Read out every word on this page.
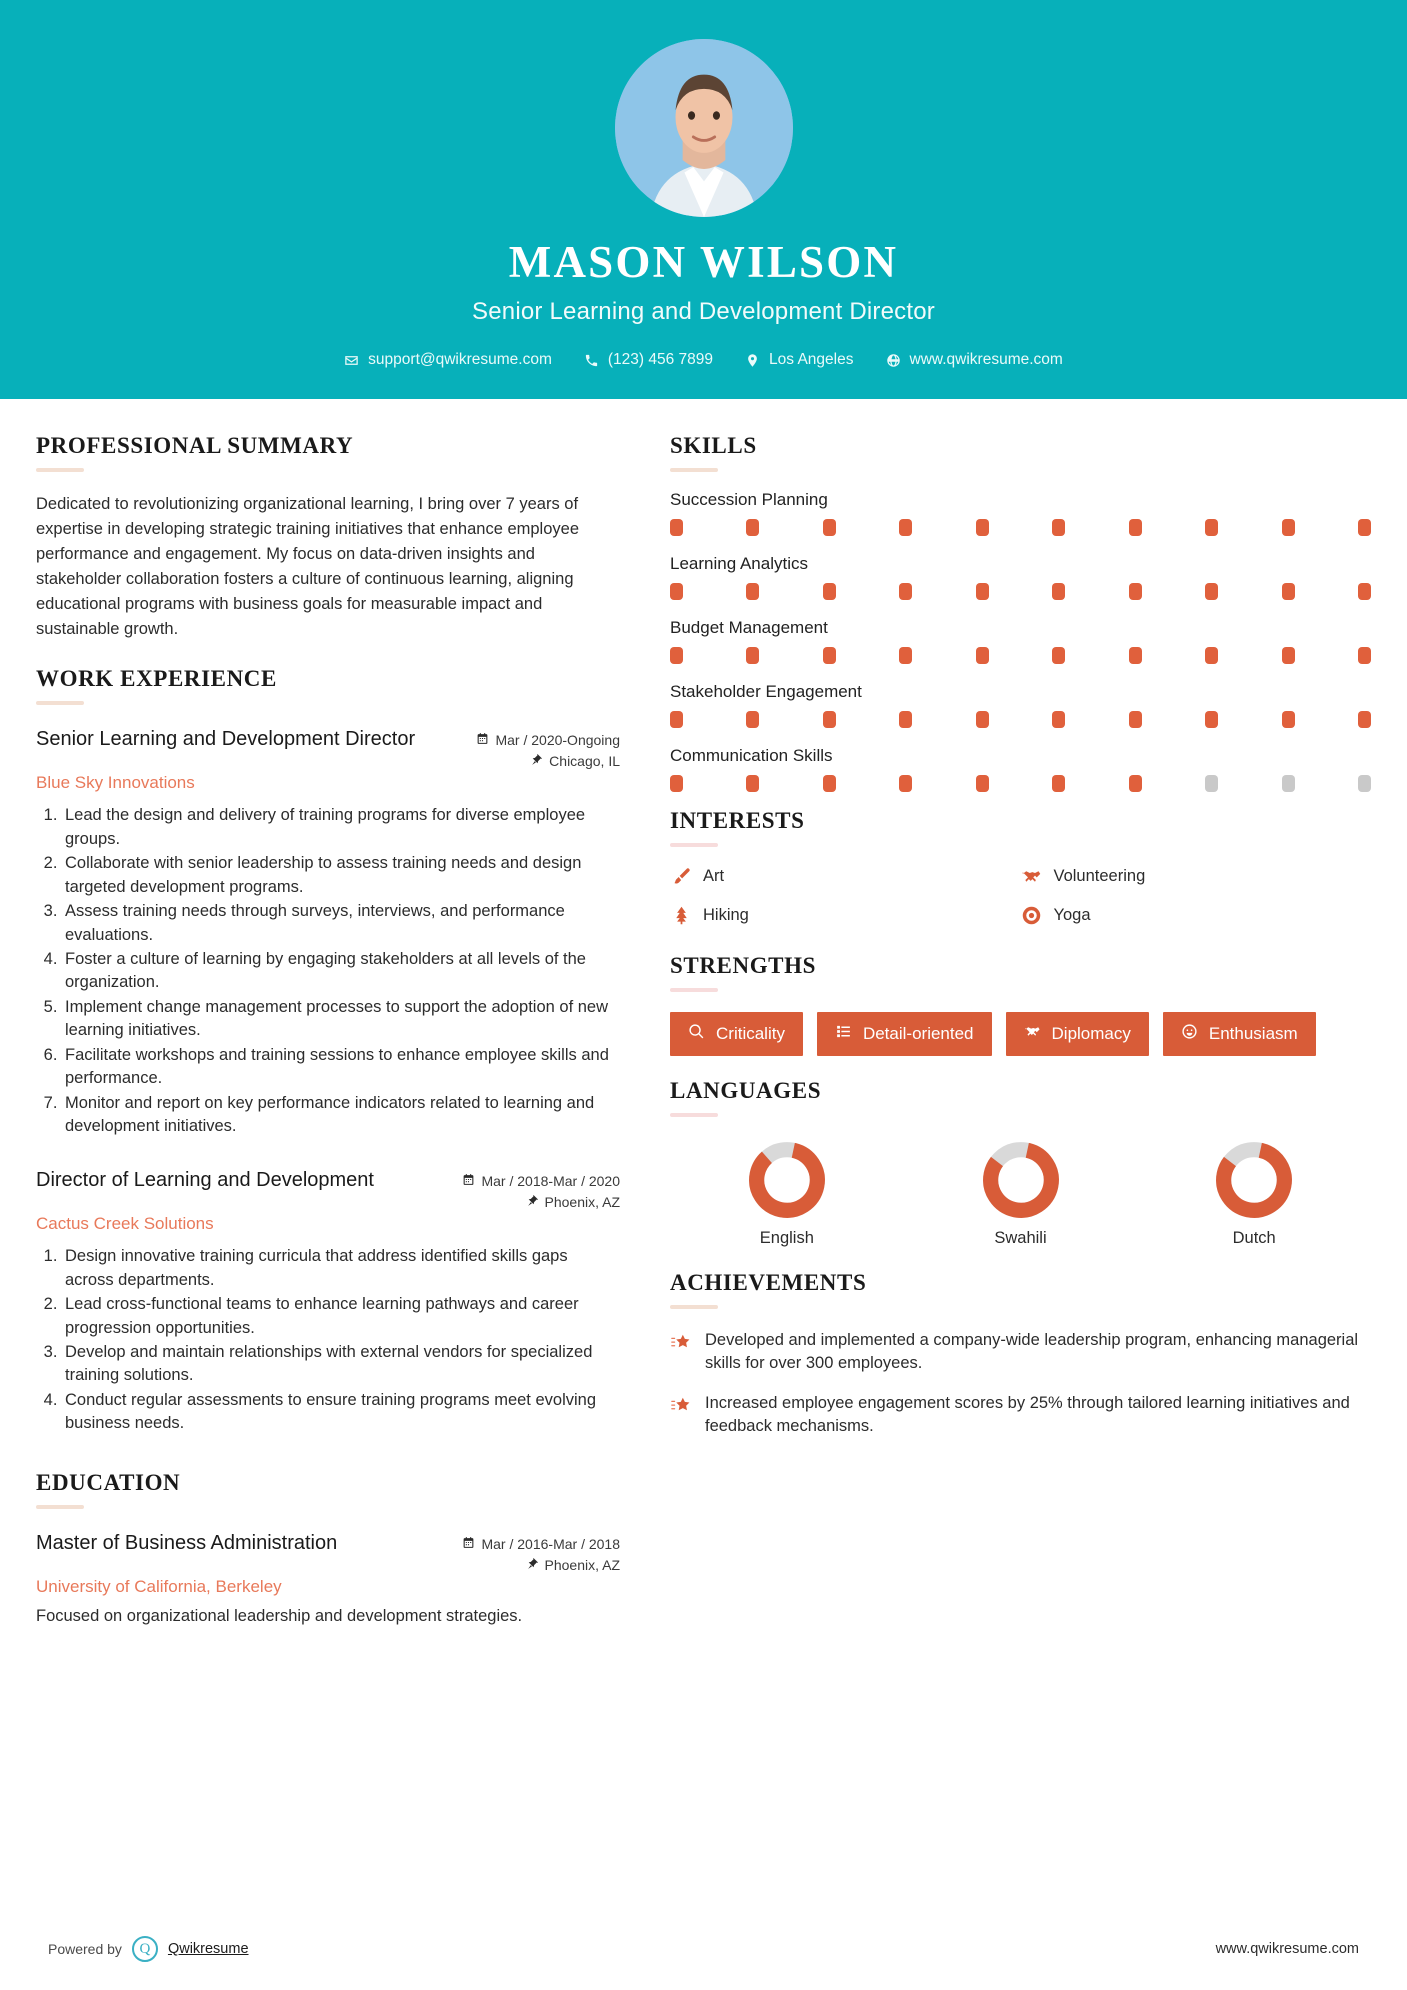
MASON WILSON
Senior Learning and Development Director
support@qwikresume.com	(123) 456 7899	Los Angeles	www.qwikresume.com
PROFESSIONAL SUMMARY
Dedicated to revolutionizing organizational learning, I bring over 7 years of expertise in developing strategic training initiatives that enhance employee performance and engagement. My focus on data-driven insights and stakeholder collaboration fosters a culture of continuous learning, aligning educational programs with business goals for measurable impact and sustainable growth.
WORK EXPERIENCE
Senior Learning and Development Director	Mar / 2020-Ongoing
Chicago, IL
Blue Sky Innovations
1. Lead the design and delivery of training programs for diverse employee groups.
2. Collaborate with senior leadership to assess training needs and design targeted development programs.
3. Assess training needs through surveys, interviews, and performance evaluations.
4. Foster a culture of learning by engaging stakeholders at all levels of the organization.
5. Implement change management processes to support the adoption of new learning initiatives.
6. Facilitate workshops and training sessions to enhance employee skills and performance.
7. Monitor and report on key performance indicators related to learning and development initiatives.
Director of Learning and Development	Mar / 2018-Mar / 2020
Phoenix, AZ
Cactus Creek Solutions
1. Design innovative training curricula that address identified skills gaps across departments.
2. Lead cross-functional teams to enhance learning pathways and career progression opportunities.
3. Develop and maintain relationships with external vendors for specialized training solutions.
4. Conduct regular assessments to ensure training programs meet evolving business needs.
EDUCATION
Master of Business Administration	Mar / 2016-Mar / 2018
Phoenix, AZ
University of California, Berkeley
Focused on organizational leadership and development strategies.
SKILLS
Succession Planning
Learning Analytics
Budget Management
Stakeholder Engagement
Communication Skills
INTERESTS
Art	Volunteering
Hiking	Yoga
STRENGTHS
Criticality	Detail-oriented	Diplomacy	Enthusiasm
LANGUAGES
English	Swahili	Dutch
ACHIEVEMENTS
Developed and implemented a company-wide leadership program, enhancing managerial skills for over 300 employees.
Increased employee engagement scores by 25% through tailored learning initiatives and feedback mechanisms.
Powered by	Q	Qwikresume	www.qwikresume.com
